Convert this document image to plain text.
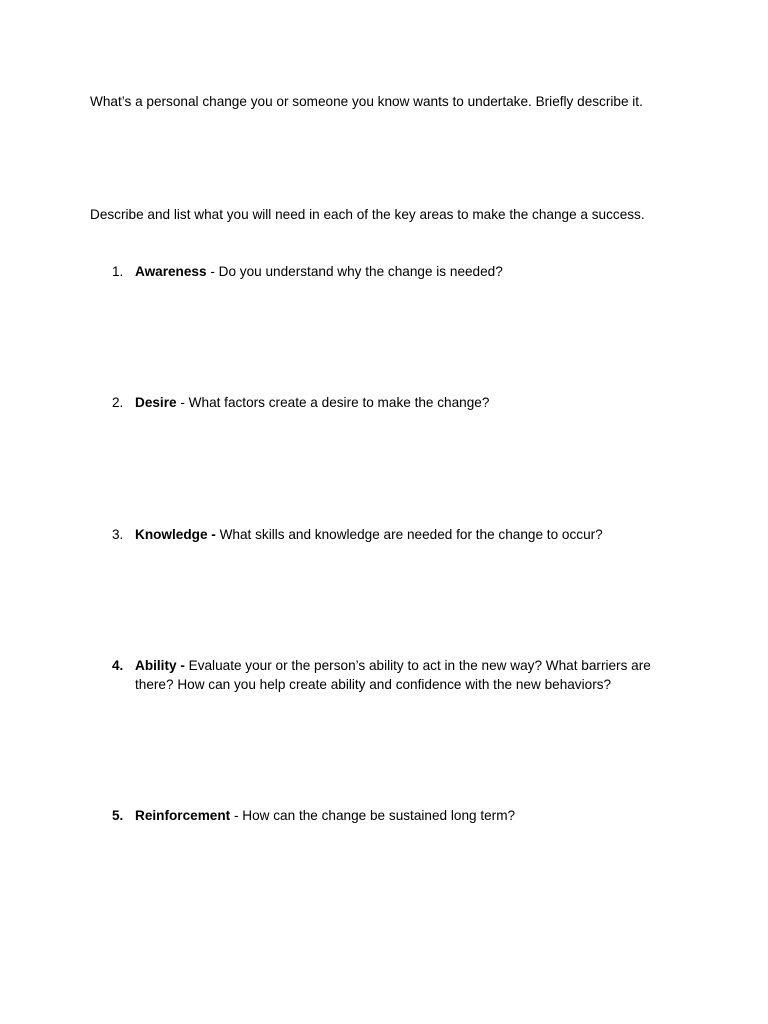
What’s a personal change you or someone you know wants to undertake. Briefly describe it.

Describe and list what you will need in each of the key areas to make the change a success.

1. Awareness - Do you understand why the change is needed?
2. Desire - What factors create a desire to make the change?
3. Knowledge - What skills and knowledge are needed for the change to occur?
4. Ability - Evaluate your or the person’s ability to act in the new way? What barriers are there? How can you help create ability and confidence with the new behaviors?
5. Reinforcement - How can the change be sustained long term?
